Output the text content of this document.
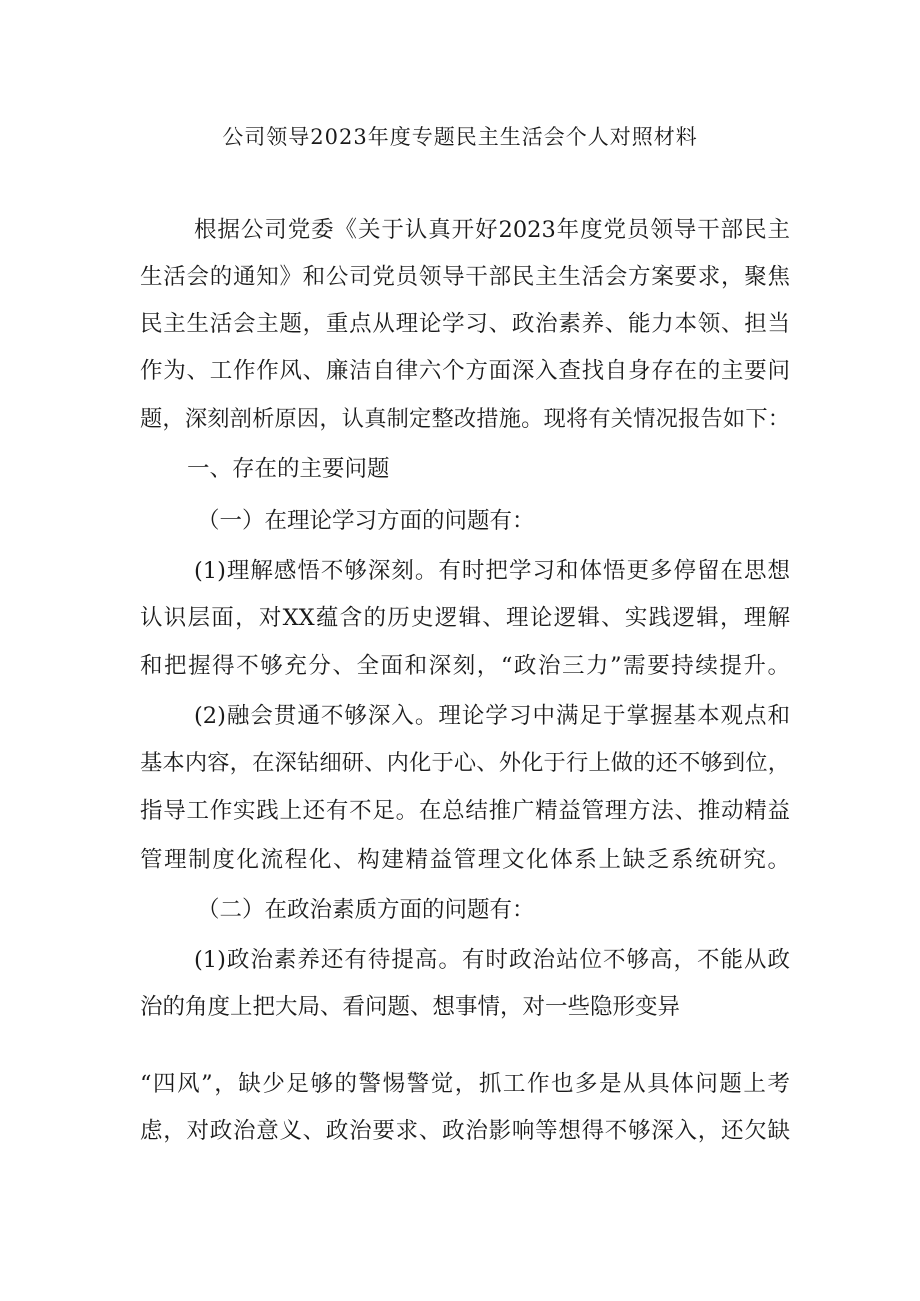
公司领导2023年度专题民主生活会个人对照材料
根据公司党委《关于认真开好2023年度党员领导干部民主
生活会的通知》和公司党员领导干部民主生活会方案要求，聚焦
民主生活会主题，重点从理论学习、政治素养、能力本领、担当
作为、工作作风、廉洁自律六个方面深入查找自身存在的主要问
题，深刻剖析原因，认真制定整改措施。现将有关情况报告如下：
一、存在的主要问题
（一）在理论学习方面的问题有：
(1)理解感悟不够深刻。有时把学习和体悟更多停留在思想
认识层面，对XX蕴含的历史逻辑、理论逻辑、实践逻辑，理解
和把握得不够充分、全面和深刻，“政治三力”需要持续提升。
(2)融会贯通不够深入。理论学习中满足于掌握基本观点和
基本内容，在深钻细研、内化于心、外化于行上做的还不够到位，
指导工作实践上还有不足。在总结推广精益管理方法、推动精益
管理制度化流程化、构建精益管理文化体系上缺乏系统研究。
（二）在政治素质方面的问题有：
(1)政治素养还有待提高。有时政治站位不够高，不能从政
治的角度上把大局、看问题、想事情，对一些隐形变异
“四风”，缺少足够的警惕警觉，抓工作也多是从具体问题上考
虑，对政治意义、政治要求、政治影响等想得不够深入，还欠缺
